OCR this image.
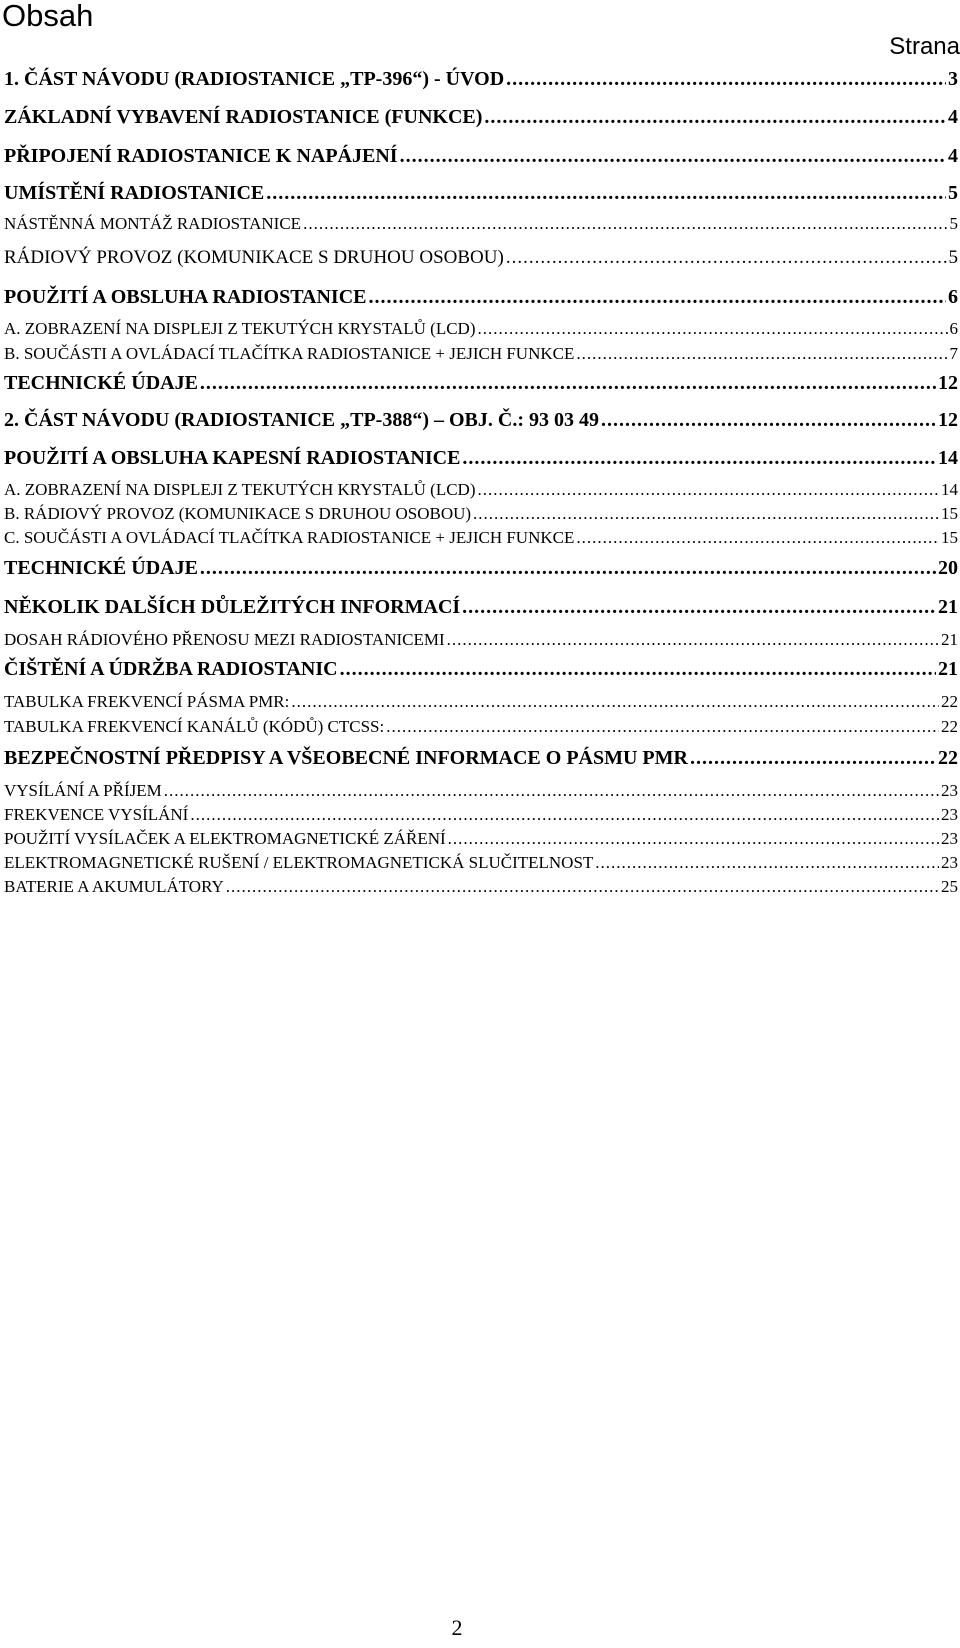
Obsah
Strana
1. ČÁST NÁVODU (RADIOSTANICE „TP-396“) - ÚVOD .....	3
ZÁKLADNÍ VYBAVENÍ RADIOSTANICE (FUNKCE) .....	4
PŘIPOJENÍ RADIOSTANICE K NAPÁJENÍ .....	4
UMÍSTĚNÍ RADIOSTANICE .....	5
NÁSTĚNNÁ MONTÁŽ RADIOSTANICE .....	5
RÁDIOVÝ PROVOZ (KOMUNIKACE S DRUHOU OSOBOU) .....	5
POUŽITÍ A OBSLUHA RADIOSTANICE .....	6
A. ZOBRAZENÍ NA DISPLEJI Z TEKUTÝCH KRYSTALŮ (LCD) .....	6
B. SOUČÁSTI A OVLÁDACÍ TLAČÍTKA RADIOSTANICE + JEJICH FUNKCE .....	7
TECHNICKÉ ÚDAJE .....	12
2. ČÁST NÁVODU (RADIOSTANICE „TP-388“) – OBJ. Č.: 93 03 49 .....	12
POUŽITÍ A OBSLUHA KAPESNÍ RADIOSTANICE .....	14
A. ZOBRAZENÍ NA DISPLEJI Z TEKUTÝCH KRYSTALŮ (LCD) .....	14
B. RÁDIOVÝ PROVOZ (KOMUNIKACE S DRUHOU OSOBOU) .....	15
C. SOUČÁSTI A OVLÁDACÍ TLAČÍTKA RADIOSTANICE + JEJICH FUNKCE .....	15
TECHNICKÉ ÚDAJE .....	20
NĚKOLIK DALŠÍCH DŮLEŽITÝCH INFORMACÍ .....	21
DOSAH RÁDIOVÉHO PŘENOSU MEZI RADIOSTANICEMI .....	21
ČIŠTĚNÍ A ÚDRŽBA RADIOSTANIC .....	21
TABULKA FREKVENCÍ PÁSMA PMR: .....	22
TABULKA FREKVENCÍ KANÁLŮ (KÓDŮ) CTCSS: .....	22
BEZPEČNOSTNÍ PŘEDPISY A VŠEOBECNÉ INFORMACE O PÁSMU PMR .....	22
VYSÍLÁNÍ A PŘÍJEM .....	23
FREKVENCE VYSÍLÁNÍ .....	23
POUŽITÍ VYSÍLAČEK A ELEKTROMAGNETICKÉ ZÁŘENÍ .....	23
ELEKTROMAGNETICKÉ RUŠENÍ / ELEKTROMAGNETICKÁ SLUČITELNOST .....	23
BATERIE A AKUMULÁTORY .....	25
2
